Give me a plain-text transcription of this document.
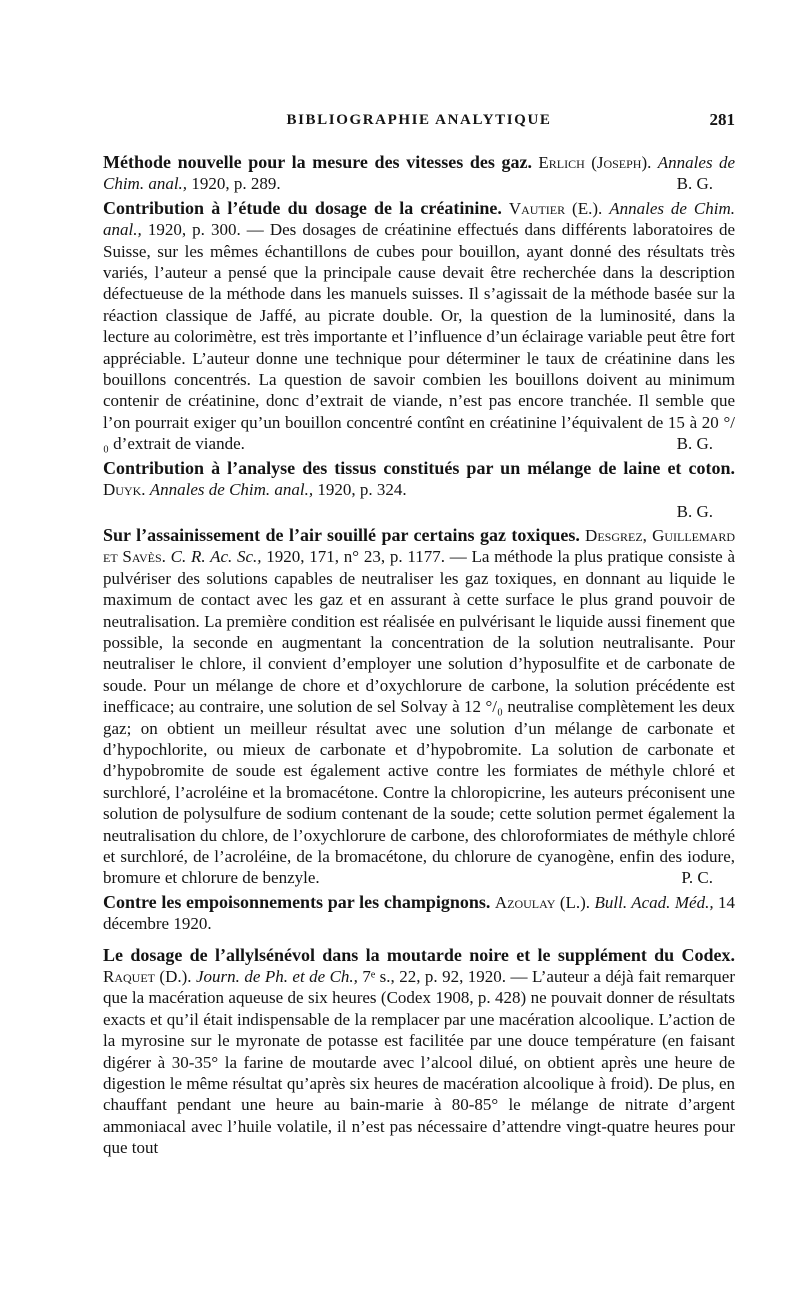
BIBLIOGRAPHIE ANALYTIQUE	281

Méthode nouvelle pour la mesure des vitesses des gaz. Erlich (Joseph). Annales de Chim. anal., 1920, p. 289.	B. G.

Contribution à l’étude du dosage de la créatinine. Vautier (E.). Annales de Chim. anal., 1920, p. 300. — Des dosages de créatinine effectués dans différents laboratoires de Suisse, sur les mêmes échantillons de cubes pour bouillon, ayant donné des résultats très variés, l’auteur a pensé que la principale cause devait être recherchée dans la description défectueuse de la méthode dans les manuels suisses. Il s’agissait de la méthode basée sur la réaction classique de Jaffé, au picrate double. Or, la question de la luminosité, dans la lecture au colorimètre, est très importante et l’influence d’un éclairage variable peut être fort appréciable. L’auteur donne une technique pour déterminer le taux de créatinine dans les bouillons concentrés. La question de savoir combien les bouillons doivent au minimum contenir de créatinine, donc d’extrait de viande, n’est pas encore tranchée. Il semble que l’on pourrait exiger qu’un bouillon concentré contînt en créatinine l’équivalent de 15 à 20 °/₀ d’extrait de viande.	B. G.

Contribution à l’analyse des tissus constitués par un mélange de laine et coton. Duyk. Annales de Chim. anal., 1920, p. 324.
B. G.

Sur l’assainissement de l’air souillé par certains gaz toxiques. Desgrez, Guillemard et Savès. C. R. Ac. Sc., 1920, 171, n° 23, p. 1177. — La méthode la plus pratique consiste à pulvériser des solutions capables de neutraliser les gaz toxiques, en donnant au liquide le maximum de contact avec les gaz et en assurant à cette surface le plus grand pouvoir de neutralisation. La première condition est réalisée en pulvérisant le liquide aussi finement que possible, la seconde en augmentant la concentration de la solution neutralisante. Pour neutraliser le chlore, il convient d’employer une solution d’hyposulfite et de carbonate de soude. Pour un mélange de chore et d’oxychlorure de carbone, la solution précédente est inefficace; au contraire, une solution de sel Solvay à 12 °/₀ neutralise complètement les deux gaz; on obtient un meilleur résultat avec une solution d’un mélange de carbonate et d’hypochlorite, ou mieux de carbonate et d’hypobromite. La solution de carbonate et d’hypobromite de soude est également active contre les formiates de méthyle chloré et surchloré, l’acroléine et la bromacétone. Contre la chloropicrine, les auteurs préconisent une solution de polysulfure de sodium contenant de la soude; cette solution permet également la neutralisation du chlore, de l’oxychlorure de carbone, des chloroformiates de méthyle chloré et surchloré, de l’acroléine, de la bromacétone, du chlorure de cyanogène, enfin des iodure, bromure et chlorure de benzyle.	P. C.

Contre les empoisonnements par les champignons. Azoulay (L.). Bull. Acad. Méd., 14 décembre 1920.

Le dosage de l’allylsénévol dans la moutarde noire et le supplément du Codex. Raquet (D.). Journ. de Ph. et de Ch., 7ᵉ s., 22, p. 92, 1920. — L’auteur a déjà fait remarquer que la macération aqueuse de six heures (Codex 1908, p. 428) ne pouvait donner de résultats exacts et qu’il était indispensable de la remplacer par une macération alcoolique. L’action de la myrosine sur le myronate de potasse est facilitée par une douce température (en faisant digérer à 30-35° la farine de moutarde avec l’alcool dilué, on obtient après une heure de digestion le même résultat qu’après six heures de macération alcoolique à froid). De plus, en chauffant pendant une heure au bain-marie à 80-85° le mélange de nitrate d’argent ammoniacal avec l’huile volatile, il n’est pas nécessaire d’attendre vingt-quatre heures pour que tout
